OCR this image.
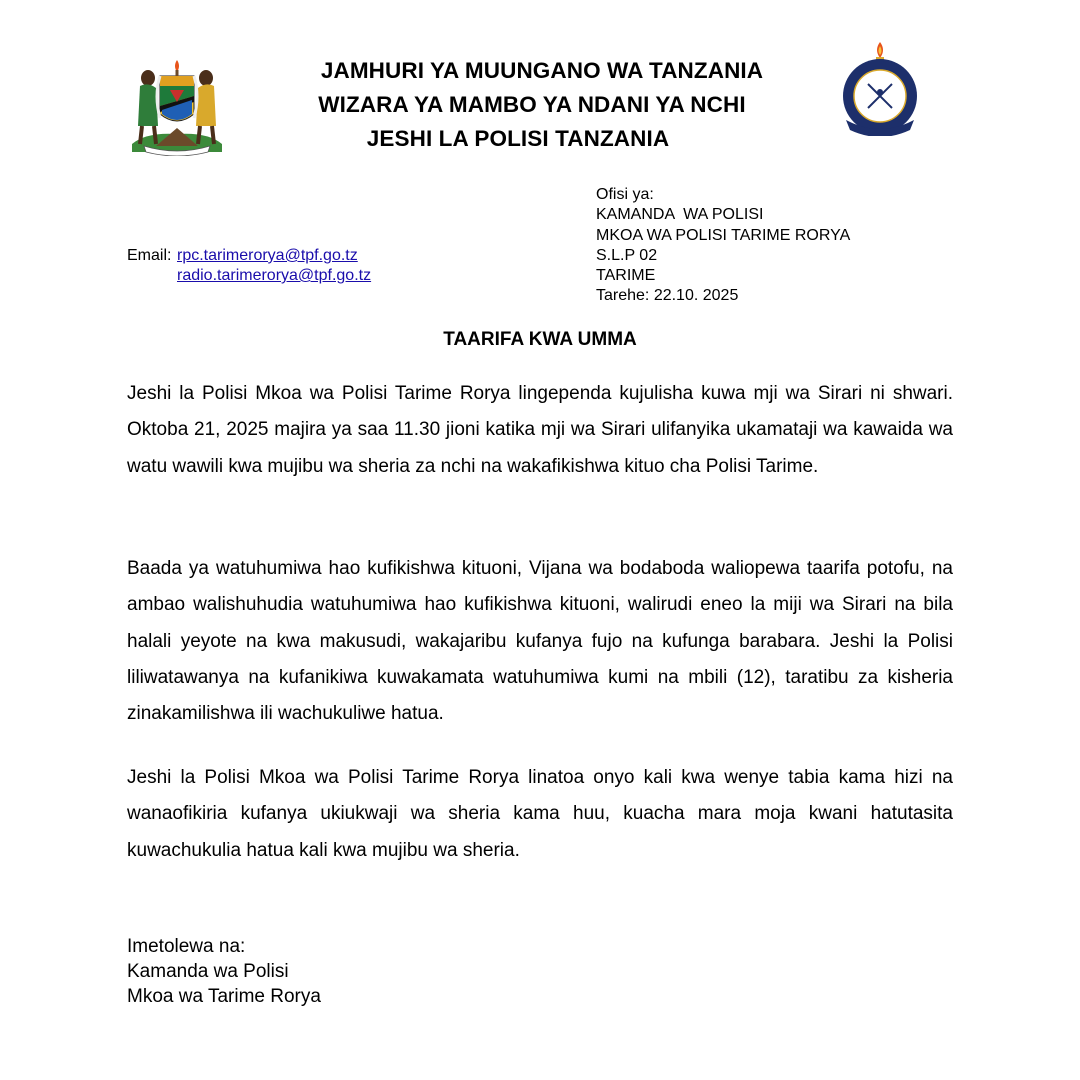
JAMHURI YA MUUNGANO WA TANZANIA
WIZARA YA MAMBO YA NDANI YA NCHI
JESHI LA POLISI TANZANIA
Email: rpc.tarimerorya@tpf.go.tz
radio.tarimerorya@tpf.go.tz
Ofisi ya:
KAMANDA  WA POLISI
MKOA WA POLISI TARIME RORYA
S.L.P 02
TARIME
Tarehe: 22.10. 2025
TAARIFA KWA UMMA

Jeshi la Polisi Mkoa wa Polisi Tarime Rorya lingependa kujulisha kuwa mji wa Sirari ni shwari. Oktoba 21, 2025 majira ya saa 11.30 jioni katika mji wa Sirari ulifanyika ukamataji wa kawaida wa watu wawili kwa mujibu wa sheria za nchi na wakafikishwa kituo cha Polisi Tarime.

Baada ya watuhumiwa hao kufikishwa kituoni, Vijana wa bodaboda waliopewa taarifa potofu, na ambao walishuhudia watuhumiwa hao kufikishwa kituoni, walirudi eneo la miji wa Sirari na bila halali yeyote na kwa makusudi, wakajaribu kufanya fujo na kufunga barabara. Jeshi la Polisi liliwatawanya na kufanikiwa kuwakamata watuhumiwa kumi na mbili (12), taratibu za kisheria zinakamilishwa ili wachukuliwe hatua.

Jeshi la Polisi Mkoa wa Polisi Tarime Rorya linatoa onyo kali kwa wenye tabia kama hizi na wanaofikiria kufanya ukiukwaji wa sheria kama huu, kuacha mara moja kwani hatutasita kuwachukulia hatua kali kwa mujibu wa sheria.

Imetolewa na:
Kamanda wa Polisi
Mkoa wa Tarime Rorya
